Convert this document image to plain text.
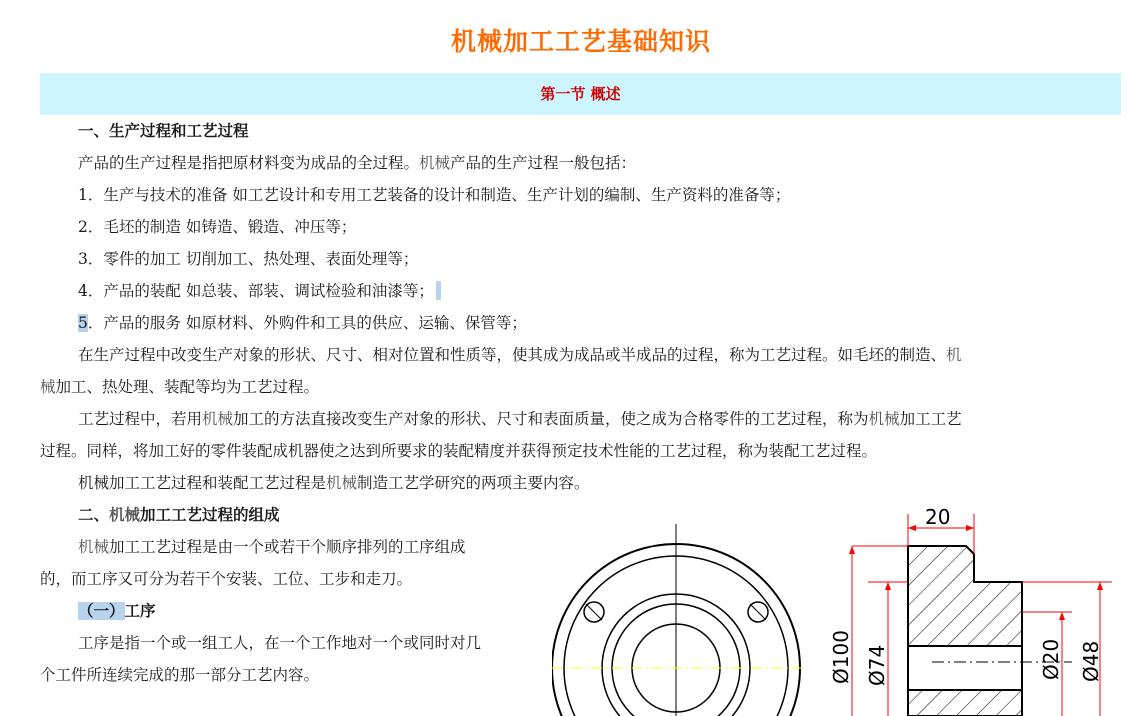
机械加工工艺基础知识
第一节 概述
一、生产过程和工艺过程
产品的生产过程是指把原材料变为成品的全过程。机械产品的生产过程一般包括：
1．生产与技术的准备 如工艺设计和专用工艺装备的设计和制造、生产计划的编制、生产资料的准备等；
2．毛坯的制造 如铸造、锻造、冲压等；
3．零件的加工 切削加工、热处理、表面处理等；
4．产品的装配 如总装、部装、调试检验和油漆等；
5．产品的服务 如原材料、外购件和工具的供应、运输、保管等；
在生产过程中改变生产对象的形状、尺寸、相对位置和性质等，使其成为成品或半成品的过程，称为工艺过程。如毛坯的制造、机
械加工、热处理、装配等均为工艺过程。
工艺过程中，若用机械加工的方法直接改变生产对象的形状、尺寸和表面质量，使之成为合格零件的工艺过程，称为机械加工工艺
过程。同样，将加工好的零件装配成机器使之达到所要求的装配精度并获得预定技术性能的工艺过程，称为装配工艺过程。
机械加工工艺过程和装配工艺过程是机械制造工艺学研究的两项主要内容。
二、机械加工工艺过程的组成
机械加工工艺过程是由一个或若干个顺序排列的工序组成
的，而工序又可分为若干个安装、工位、工步和走刀。
（一）工序
工序是指一个或一组工人，在一个工作地对一个或同时对几
个工件所连续完成的那一部分工艺内容。
20
Ø100 Ø74	Ø20 Ø48
